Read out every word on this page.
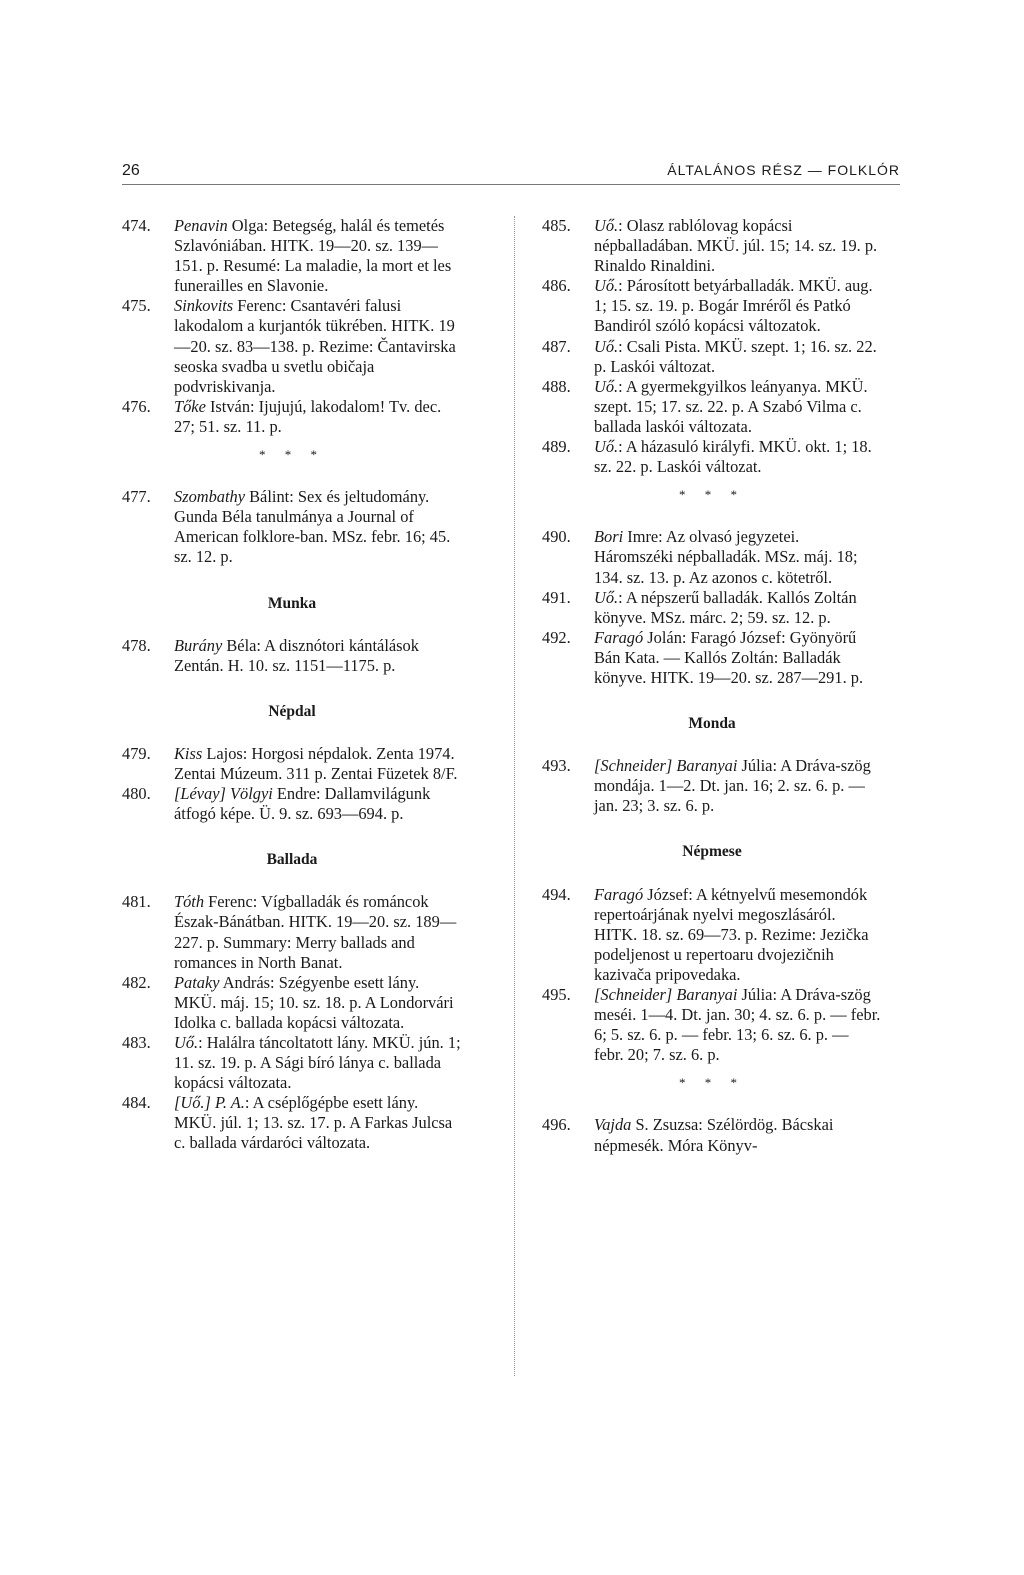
26	ÁLTALÁNOS RÉSZ — FOLKLÓR
474.	Penavin Olga: Betegség, halál és temetés Szlavóniában. HITK. 19—20. sz. 139—151. p. Resumé: La maladie, la mort et les funerailles en Slavonie.
475.	Sinkovits Ferenc: Csantavéri falusi lakodalom a kurjantók tükrében. HITK. 19—20. sz. 83—138. p. Rezime: Čantavirska seoska svadba u svetlu običaja podvriskivanja.
476.	Tőke István: Ijujujú, lakodalom! Tv. dec. 27; 51. sz. 11. p.
* * *
477.	Szombathy Bálint: Sex és jeltudomány. Gunda Béla tanulmánya a Journal of American folklore-ban. MSz. febr. 16; 45. sz. 12. p.
Munka
478.	Burány Béla: A disznótori kántálások Zentán. H. 10. sz. 1151—1175. p.
Népdal
479.	Kiss Lajos: Horgosi népdalok. Zenta 1974. Zentai Múzeum. 311 p. Zentai Füzetek 8/F.
480.	[Lévay] Völgyi Endre: Dallamvilágunk átfogó képe. Ü. 9. sz. 693—694. p.
Ballada
481.	Tóth Ferenc: Vígballadák és románcok Észak-Bánátban. HITK. 19—20. sz. 189—227. p. Summary: Merry ballads and romances in North Banat.
482.	Pataky András: Szégyenbe esett lány. MKÜ. máj. 15; 10. sz. 18. p. A Londorvári Idolka c. ballada kopácsi változata.
483.	Uő.: Halálra táncoltatott lány. MKÜ. jún. 1; 11. sz. 19. p. A Sági bíró lánya c. ballada kopácsi változata.
484.	[Uő.] P. A.: A cséplőgépbe esett lány. MKÜ. júl. 1; 13. sz. 17. p. A Farkas Julcsa c. ballada várdaróci változata.
485.	Uő.: Olasz rablólovag kopácsi népballadában. MKÜ. júl. 15; 14. sz. 19. p. Rinaldo Rinaldini.
486.	Uő.: Párosított betyárballadák. MKÜ. aug. 1; 15. sz. 19. p. Bogár Imréről és Patkó Bandiról szóló kopácsi változatok.
487.	Uő.: Csali Pista. MKÜ. szept. 1; 16. sz. 22. p. Laskói változat.
488.	Uő.: A gyermekgyilkos leányanya. MKÜ. szept. 15; 17. sz. 22. p. A Szabó Vilma c. ballada laskói változata.
489.	Uő.: A házasuló királyfi. MKÜ. okt. 1; 18. sz. 22. p. Laskói változat.
* * *
490.	Bori Imre: Az olvasó jegyzetei. Háromszéki népballadák. MSz. máj. 18; 134. sz. 13. p. Az azonos c. kötetről.
491.	Uő.: A népszerű balladák. Kallós Zoltán könyve. MSz. márc. 2; 59. sz. 12. p.
492.	Faragó Jolán: Faragó József: Gyönyörű Bán Kata. — Kallós Zoltán: Balladák könyve. HITK. 19—20. sz. 287—291. p.
Monda
493.	[Schneider] Baranyai Júlia: A Dráva-szög mondája. 1—2. Dt. jan. 16; 2. sz. 6. p. — jan. 23; 3. sz. 6. p.
Népmese
494.	Faragó József: A kétnyelvű mesemondók repertoárjának nyelvi megoszlásáról. HITK. 18. sz. 69—73. p. Rezime: Jezička podeljenost u repertoaru dvojezičnih kazivača pripovedaka.
495.	[Schneider] Baranyai Júlia: A Dráva-szög meséi. 1—4. Dt. jan. 30; 4. sz. 6. p. — febr. 6; 5. sz. 6. p. — febr. 13; 6. sz. 6. p. — febr. 20; 7. sz. 6. p.
* * *
496.	Vajda S. Zsuzsa: Szélördög. Bácskai népmesék. Móra Könyv-
